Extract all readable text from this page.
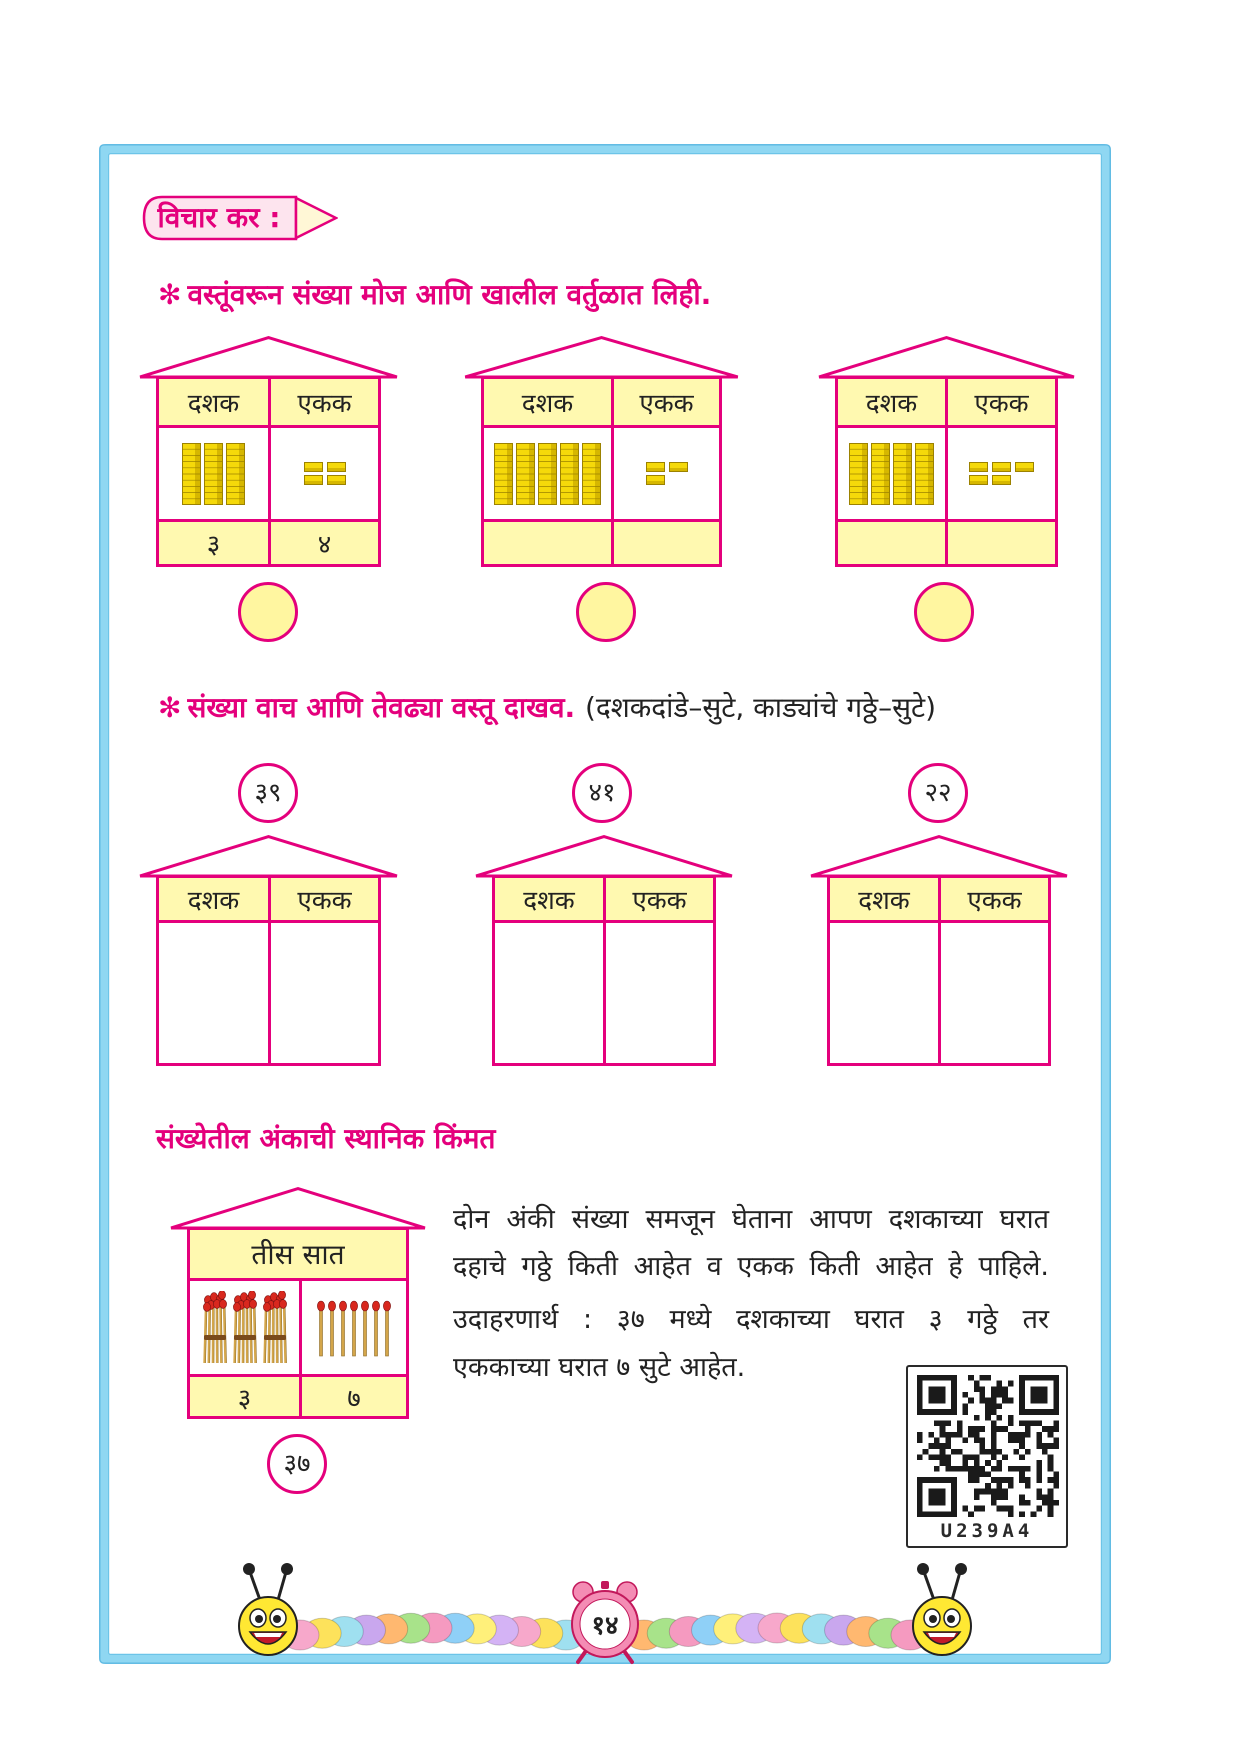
विचार कर :
✻ वस्तूंवरून संख्या मोज आणि खालील वर्तुळात लिही.
दशक	एकक
३	४
दशक	एकक	दशक	एकक
✻ संख्या वाच आणि तेवढ्या वस्तू दाखव. (दशकदांडे–सुटे, काड्यांचे गठ्ठे–सुटे)
३९	४१	२२
दशक	एकक	दशक	एकक	दशक	एकक
संख्येतील अंकाची स्थानिक किंमत
तीस सात
३	७
३७
दोन अंकी संख्या समजून घेताना आपण दशकाच्या घरात
दहाचे गठ्ठे किती आहेत व एकक किती आहेत हे पाहिले.
उदाहरणार्थ : ३७ मध्ये दशकाच्या घरात ३ गठ्ठे तर
एककाच्या घरात ७ सुटे आहेत.
U239A4
१४
